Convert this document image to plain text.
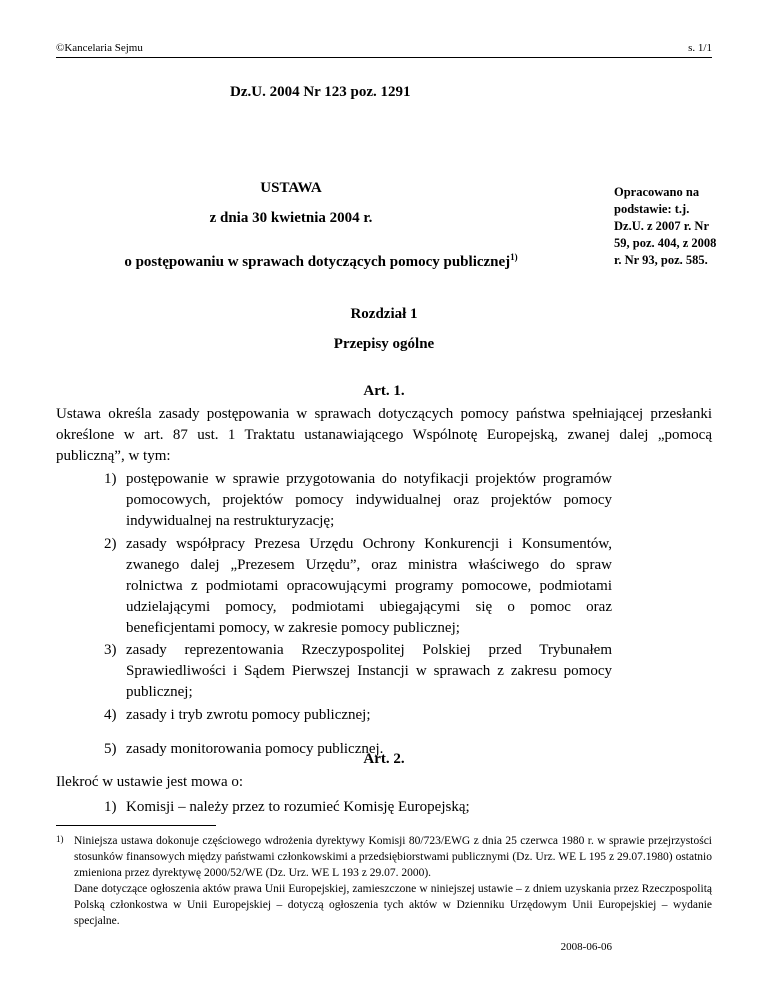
©Kancelaria Sejmu	s. 1/1
Dz.U. 2004 Nr 123 poz. 1291
USTAWA
z dnia 30 kwietnia 2004 r.
o postępowaniu w sprawach dotyczących pomocy publicznej$^{1)}$
Opracowano na podstawie: t.j. Dz.U. z 2007 r. Nr 59, poz. 404, z 2008 r. Nr 93, poz. 585.
Rozdział 1
Przepisy ogólne
Art. 1.
Ustawa określa zasady postępowania w sprawach dotyczących pomocy państwa spełniającej przesłanki określone w art. 87 ust. 1 Traktatu ustanawiającego Wspólnotę Europejską, zwanej dalej „pomocą publiczną”, w tym:
1) postępowanie w sprawie przygotowania do notyfikacji projektów programów pomocowych, projektów pomocy indywidualnej oraz projektów pomocy indywidualnej na restrukturyzację;
2) zasady współpracy Prezesa Urzędu Ochrony Konkurencji i Konsumentów, zwanego dalej „Prezesem Urzędu”, oraz ministra właściwego do spraw rolnictwa z podmiotami opracowującymi programy pomocowe, podmiotami udzielającymi pomocy, podmiotami ubiegającymi się o pomoc oraz beneficjentami pomocy, w zakresie pomocy publicznej;
3) zasady reprezentowania Rzeczypospolitej Polskiej przed Trybunałem Sprawiedliwości i Sądem Pierwszej Instancji w sprawach z zakresu pomocy publicznej;
4) zasady i tryb zwrotu pomocy publicznej;
5) zasady monitorowania pomocy publicznej.
Art. 2.
Ilekroć w ustawie jest mowa o:
1) Komisji – należy przez to rozumieć Komisję Europejską;
$^{1)}$ Niniejsza ustawa dokonuje częściowego wdrożenia dyrektywy Komisji 80/723/EWG z dnia 25 czerwca 1980 r. w sprawie przejrzystości stosunków finansowych między państwami członkowskimi a przedsiębiorstwami publicznymi (Dz. Urz. WE L 195 z 29.07.1980) ostatnio zmieniona przez dyrektywę 2000/52/WE (Dz. Urz. WE L 193 z 29.07. 2000).
Dane dotyczące ogłoszenia aktów prawa Unii Europejskiej, zamieszczone w niniejszej ustawie – z dniem uzyskania przez Rzeczpospolitą Polską członkostwa w Unii Europejskiej – dotyczą ogłoszenia tych aktów w Dzienniku Urzędowym Unii Europejskiej – wydanie specjalne.
2008-06-06
